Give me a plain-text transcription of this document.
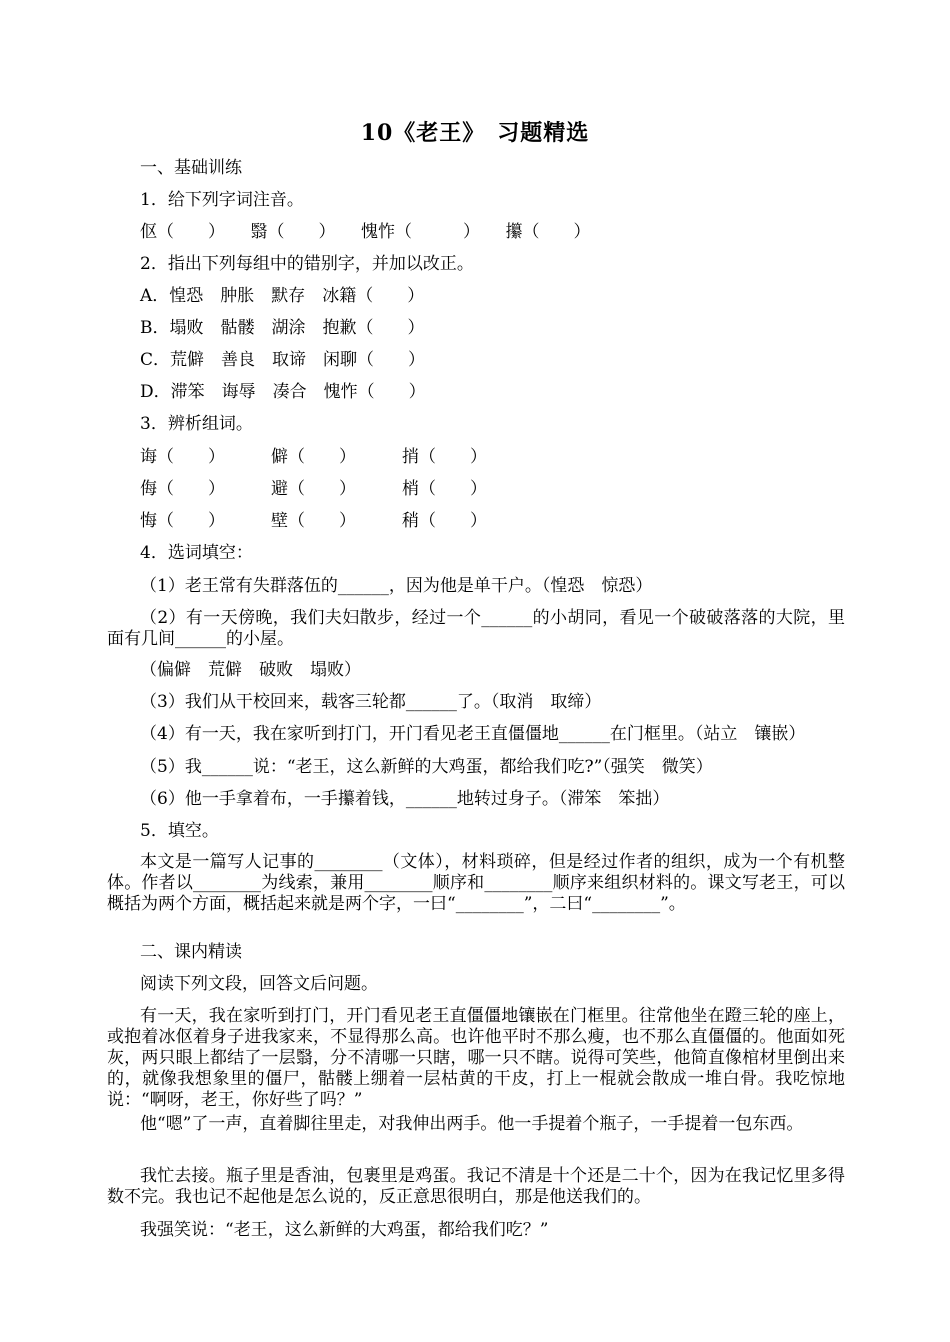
10《老王》　习题精选
一、基础训练
1．给下列字词注音。
伛（　　）　　翳（　　）　　愧怍（　　　）　　攥（　　）
2．指出下列每组中的错别字，并加以改正。
A．惶恐　肿胀　默存　冰籍（　　）
B．塌败　骷髅　湖涂　抱歉（　　）
C．荒僻　善良　取谛　闲聊（　　）
D．滞笨　诲辱　凑合　愧怍（　　）
3．辨析组词。
诲（　　）	僻（　　）	捎（　　）
侮（　　）	避（　　）	梢（　　）
悔（　　）	壁（　　）	稍（　　）
4．选词填空：
（1）老王常有失群落伍的______，因为他是单干户。（惶恐　惊恐）
（2）有一天傍晚，我们夫妇散步，经过一个______的小胡同，看见一个破破落落的大院，里面有几间______的小屋。
（偏僻　荒僻　破败　塌败）
（3）我们从干校回来，载客三轮都______了。（取消　取缔）
（4）有一天，我在家听到打门，开门看见老王直僵僵地______在门框里。（站立　镶嵌）
（5）我______说：“老王，这么新鲜的大鸡蛋，都给我们吃?”（强笑　微笑）
（6）他一手拿着布，一手攥着钱，______地转过身子。（滞笨　笨拙）
5．填空。
本文是一篇写人记事的________（文体），材料琐碎，但是经过作者的组织，成为一个有机整体。作者以________为线索，兼用________顺序和________顺序来组织材料的。课文写老王，可以概括为两个方面，概括起来就是两个字，一曰“________”，二曰“________”。
二、课内精读
阅读下列文段，回答文后问题。
有一天，我在家听到打门，开门看见老王直僵僵地镶嵌在门框里。往常他坐在蹬三轮的座上，或抱着冰伛着身子进我家来，不显得那么高。也许他平时不那么瘦，也不那么直僵僵的。他面如死灰，两只眼上都结了一层翳，分不清哪一只瞎，哪一只不瞎。说得可笑些，他简直像棺材里倒出来的，就像我想象里的僵尸，骷髅上绷着一层枯黄的干皮，打上一棍就会散成一堆白骨。我吃惊地说：“啊呀，老王，你好些了吗？”
他“嗯”了一声，直着脚往里走，对我伸出两手。他一手提着个瓶子，一手提着一包东西。
我忙去接。瓶子里是香油，包裹里是鸡蛋。我记不清是十个还是二十个，因为在我记忆里多得数不完。我也记不起他是怎么说的，反正意思很明白，那是他送我们的。
我强笑说：“老王，这么新鲜的大鸡蛋，都给我们吃？”
